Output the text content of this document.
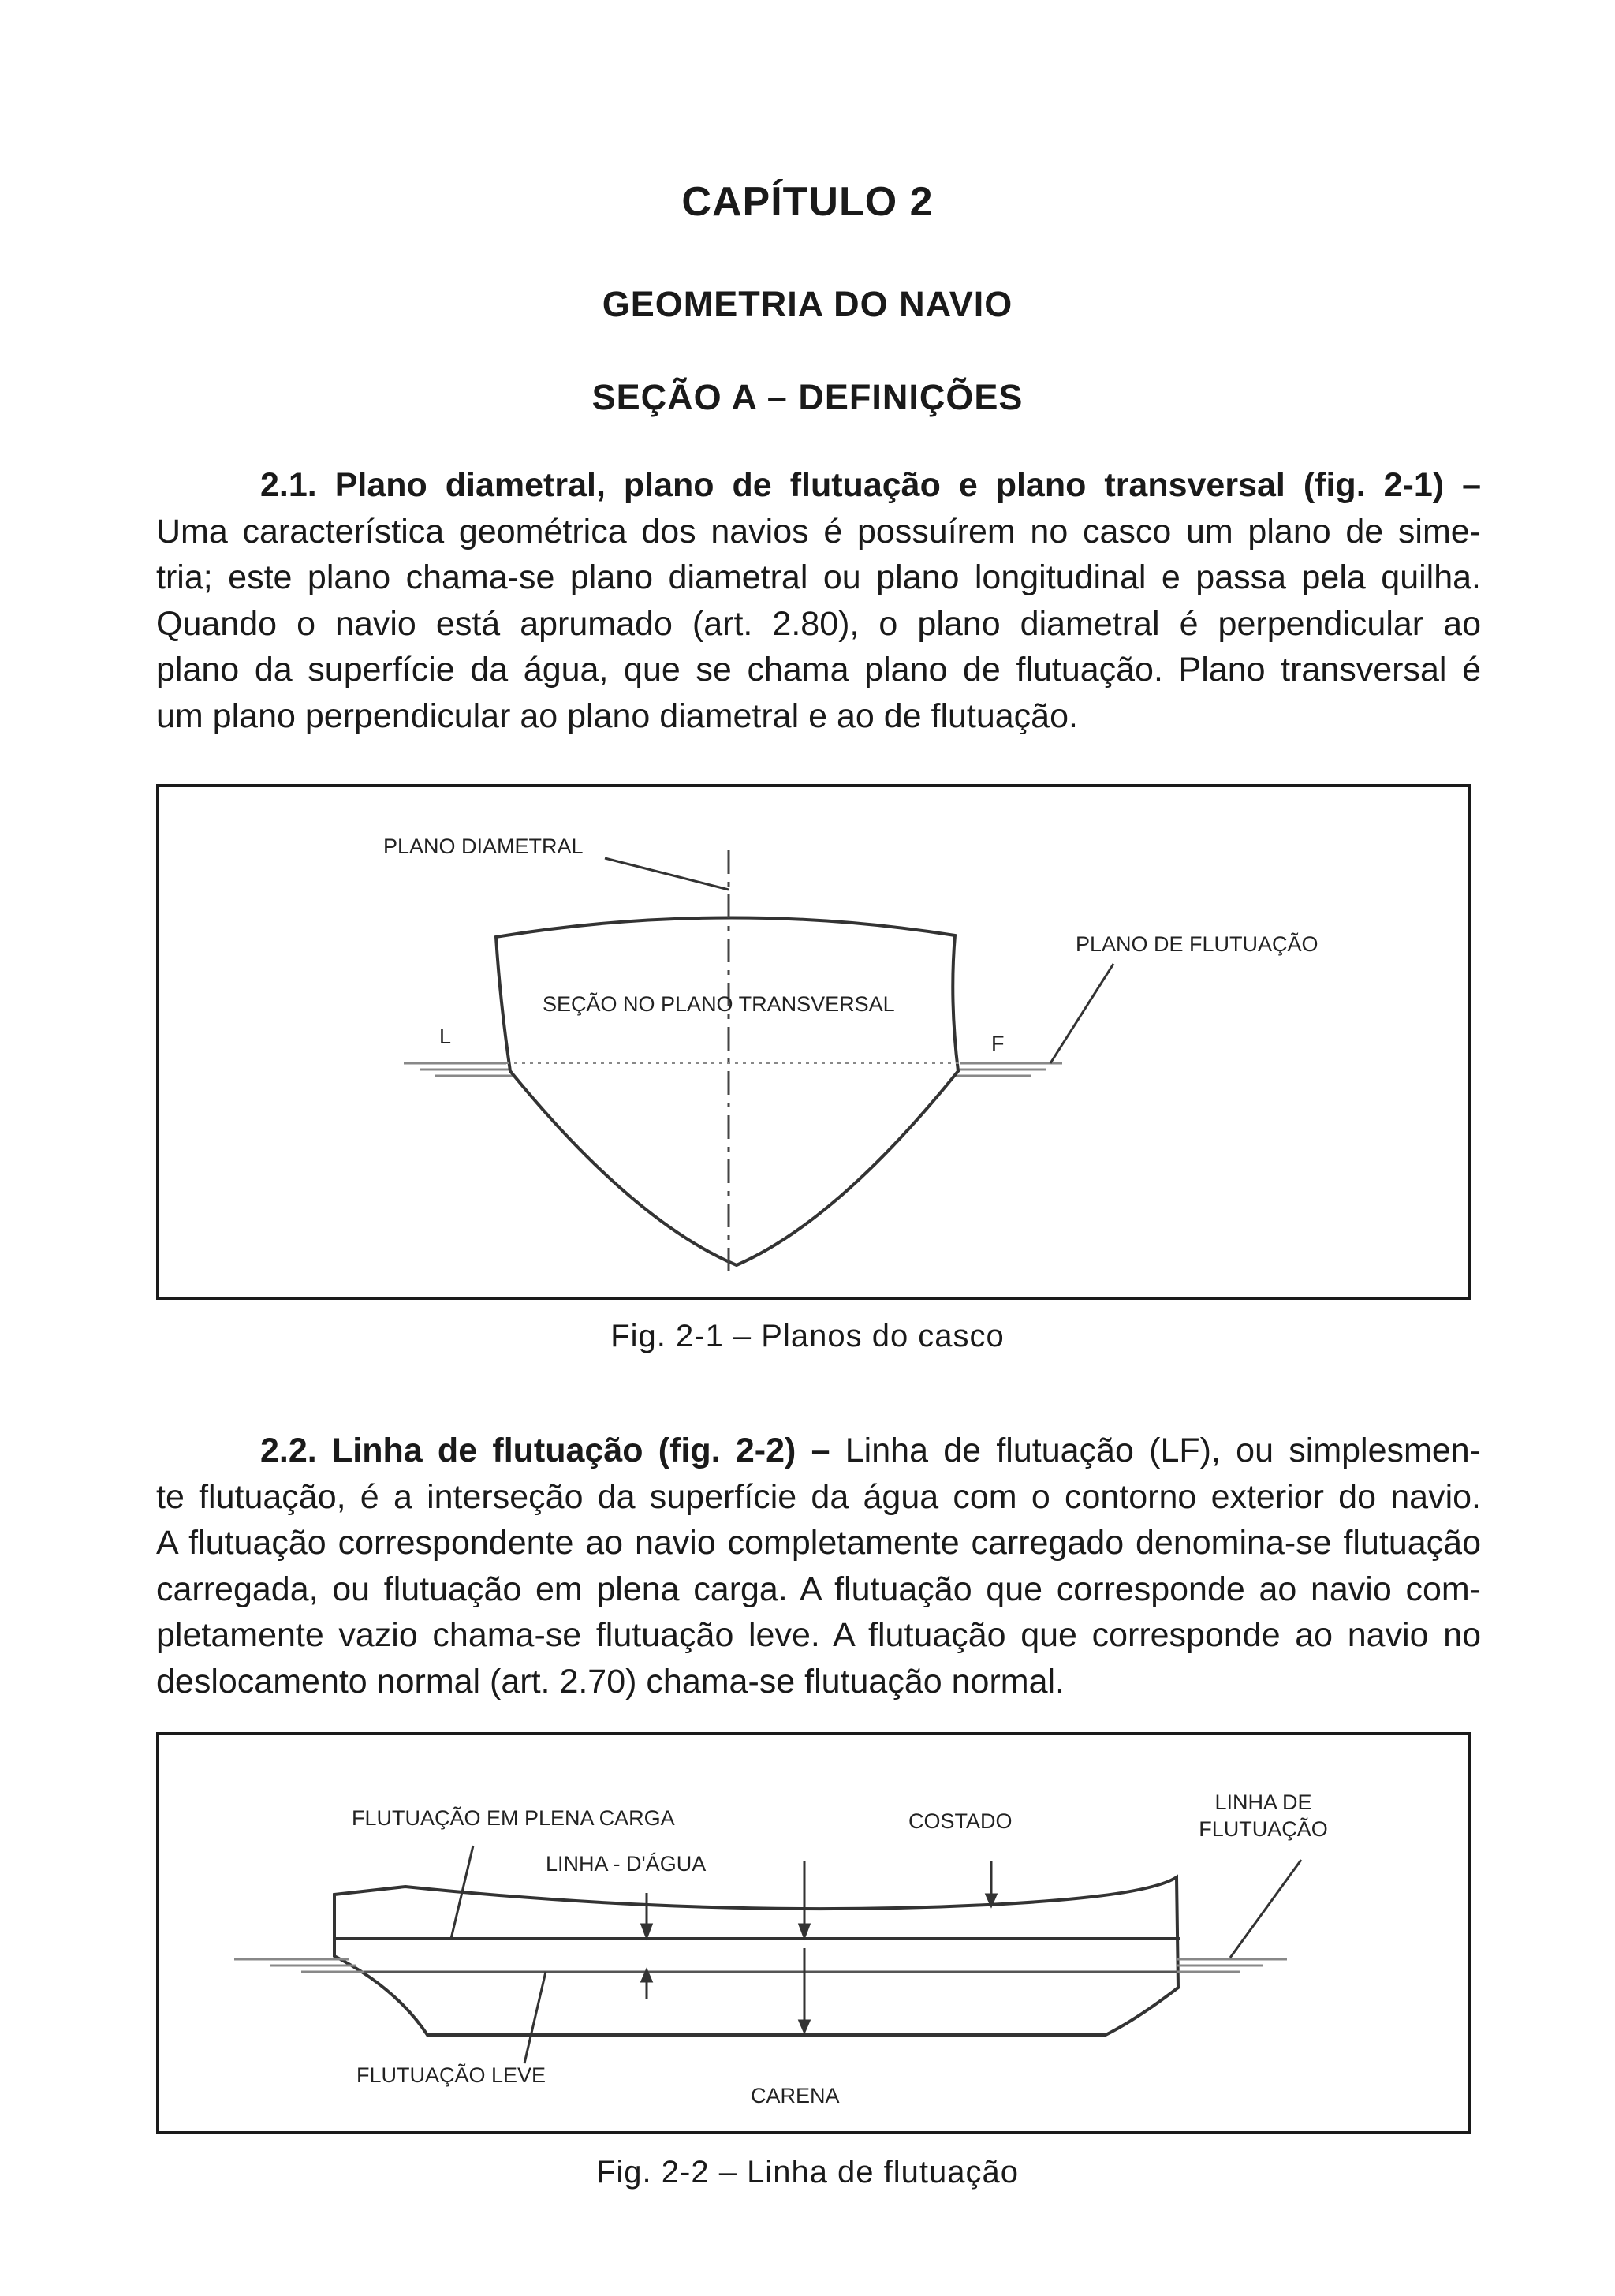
CAPÍTULO 2
GEOMETRIA DO NAVIO
SEÇÃO A – DEFINIÇÕES
2.1. Plano diametral, plano de flutuação e plano transversal (fig. 2-1) –
Uma característica geométrica dos navios é possuírem no casco um plano de sime-
tria; este plano chama-se plano diametral ou plano longitudinal e passa pela quilha.
Quando o navio está aprumado (art. 2.80), o plano diametral é perpendicular ao
plano da superfície da água, que se chama plano de flutuação. Plano transversal é
um plano perpendicular ao plano diametral e ao de flutuação.
PLANO DIAMETRAL
PLANO DE FLUTUAÇÃO
SEÇÃO NO PLANO TRANSVERSAL
L	F
Fig. 2-1 – Planos do casco
2.2. Linha de flutuação (fig. 2-2) – Linha de flutuação (LF), ou simplesmen-
te flutuação, é a interseção da superfície da água com o contorno exterior do navio.
A flutuação correspondente ao navio completamente carregado denomina-se flutuação
carregada, ou flutuação em plena carga. A flutuação que corresponde ao navio com-
pletamente vazio chama-se flutuação leve. A flutuação que corresponde ao navio no
deslocamento normal (art. 2.70) chama-se flutuação normal.
FLUTUAÇÃO EM PLENA CARGA	COSTADO
LINHA DE
FLUTUAÇÃO
LINHA - D'ÁGUA
FLUTUAÇÃO LEVE
CARENA
Fig. 2-2 – Linha de flutuação
